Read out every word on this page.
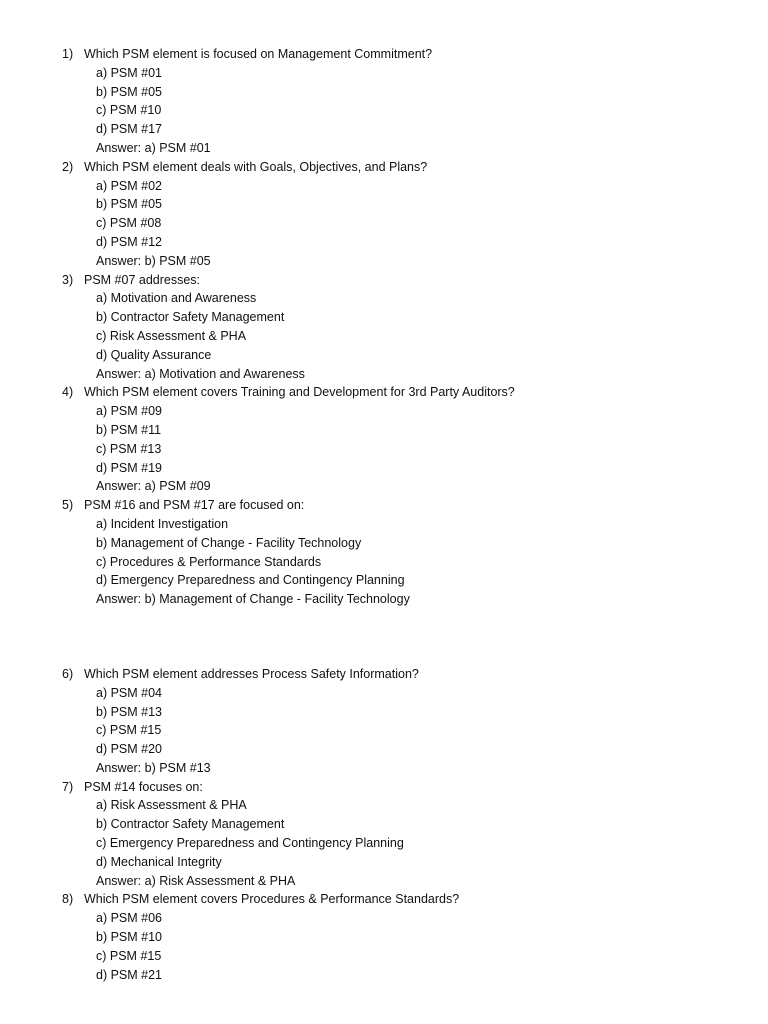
1) Which PSM element is focused on Management Commitment?
a) PSM #01
b) PSM #05
c) PSM #10
d) PSM #17
Answer: a) PSM #01
2) Which PSM element deals with Goals, Objectives, and Plans?
a) PSM #02
b) PSM #05
c) PSM #08
d) PSM #12
Answer: b) PSM #05
3) PSM #07 addresses:
a) Motivation and Awareness
b) Contractor Safety Management
c) Risk Assessment & PHA
d) Quality Assurance
Answer: a) Motivation and Awareness
4) Which PSM element covers Training and Development for 3rd Party Auditors?
a) PSM #09
b) PSM #11
c) PSM #13
d) PSM #19
Answer: a) PSM #09
5) PSM #16 and PSM #17 are focused on:
a) Incident Investigation
b) Management of Change - Facility Technology
c) Procedures & Performance Standards
d) Emergency Preparedness and Contingency Planning
Answer: b) Management of Change - Facility Technology
6) Which PSM element addresses Process Safety Information?
a) PSM #04
b) PSM #13
c) PSM #15
d) PSM #20
Answer: b) PSM #13
7) PSM #14 focuses on:
a) Risk Assessment & PHA
b) Contractor Safety Management
c) Emergency Preparedness and Contingency Planning
d) Mechanical Integrity
Answer: a) Risk Assessment & PHA
8) Which PSM element covers Procedures & Performance Standards?
a) PSM #06
b) PSM #10
c) PSM #15
d) PSM #21
